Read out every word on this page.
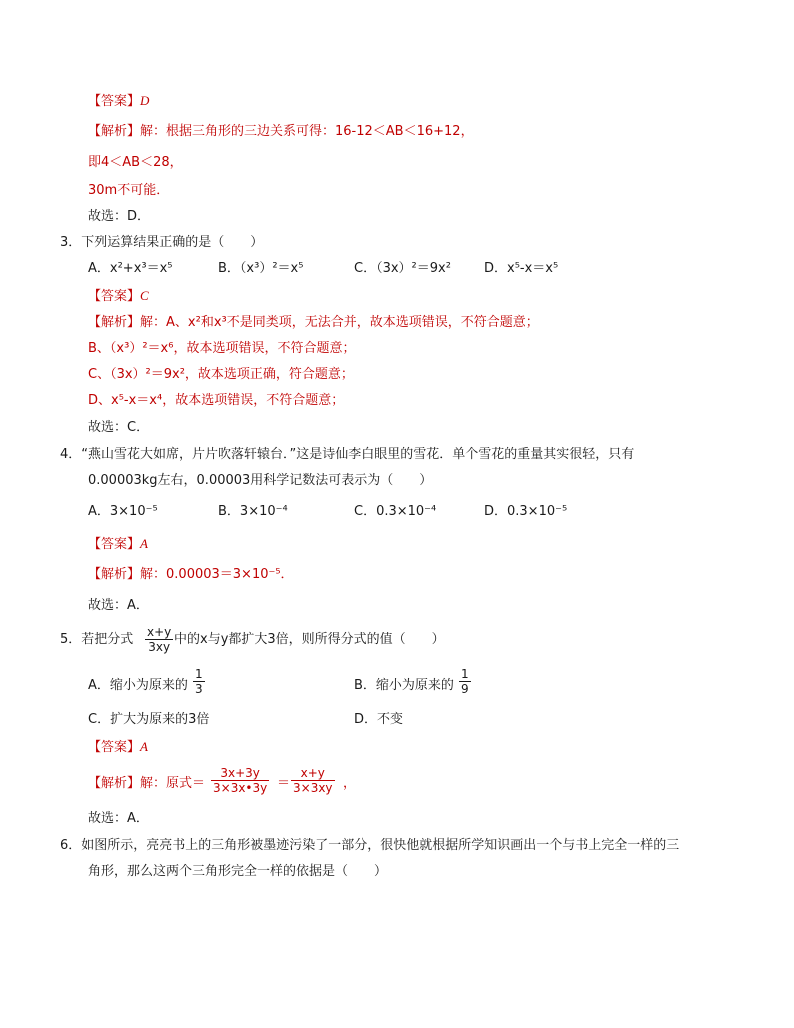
【答案】D
【解析】解：根据三角形的三边关系可得：16-12＜AB＜16+12，
即4＜AB＜28，
30m不可能．
故选：D．
3．下列运算结果正确的是（　　）
A．x²+x³＝x⁵	B．（x³）²＝x⁵	C．（3x）²＝9x²	D．x⁵-x＝x⁵
【答案】C
【解析】解：A、x²和x³不是同类项，无法合并，故本选项错误，不符合题意；
B、（x³）²＝x⁶，故本选项错误，不符合题意；
C、（3x）²＝9x²，故本选项正确，符合题意；
D、x⁵-x＝x⁴，故本选项错误，不符合题意；
故选：C．
4．“燕山雪花大如席，片片吹落轩辕台．”这是诗仙李白眼里的雪花．单个雪花的重量其实很轻，只有
0.00003kg左右，0.00003用科学记数法可表示为（　　）
A．3×10⁻⁵	B．3×10⁻⁴	C．0.3×10⁻⁴	D．0.3×10⁻⁵
【答案】A
【解析】解：0.00003＝3×10⁻⁵．
故选：A．
5．若把分式 $\frac{x+y}{3xy}$ 中的x与y都扩大3倍，则所得分式的值（　　）
A．缩小为原来的 $\frac{1}{3}$	B．缩小为原来的 $\frac{1}{9}$
C．扩大为原来的3倍	D．不变
【答案】A
【解析】解：原式＝ $\frac{3x+3y}{3\times 3x•3y} = \frac{x+y}{3\times 3xy}$ ，
故选：A．
6．如图所示，亮亮书上的三角形被墨迹污染了一部分，很快他就根据所学知识画出一个与书上完全一样的三
角形，那么这两个三角形完全一样的依据是（　　）
